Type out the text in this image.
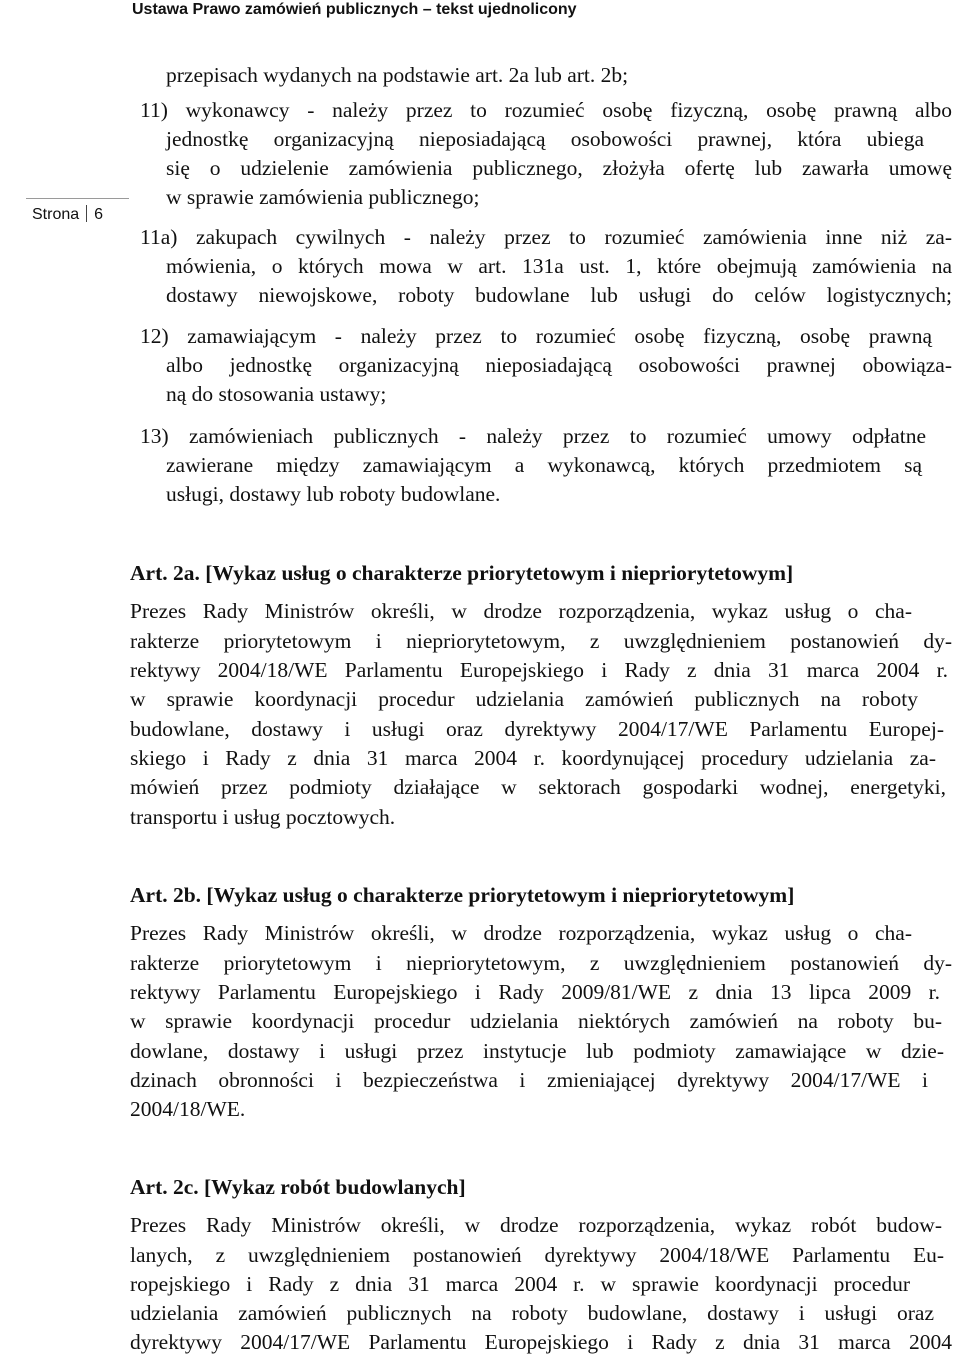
Ustawa Prawo zamówień publicznych – tekst ujednolicony
Strona 6
przepisach wydanych na podstawie art. 2a lub art. 2b;
11) wykonawcy - należy przez to rozumieć osobę fizyczną, osobę prawną albo
jednostkę organizacyjną nieposiadającą osobowości prawnej, która ubiega
się o udzielenie zamówienia publicznego, złożyła ofertę lub zawarła umowę
w sprawie zamówienia publicznego;
11a) zakupach cywilnych - należy przez to rozumieć zamówienia inne niż za-
mówienia, o których mowa w art. 131a ust. 1, które obejmują zamówienia na
dostawy niewojskowe, roboty budowlane lub usługi do celów logistycznych;
12) zamawiającym - należy przez to rozumieć osobę fizyczną, osobę prawną
albo jednostkę organizacyjną nieposiadającą osobowości prawnej obowiąza-
ną do stosowania ustawy;
13) zamówieniach publicznych - należy przez to rozumieć umowy odpłatne
zawierane między zamawiającym a wykonawcą, których przedmiotem są
usługi, dostawy lub roboty budowlane.
Art. 2a. [Wykaz usług o charakterze priorytetowym i niepriorytetowym]
Prezes Rady Ministrów określi, w drodze rozporządzenia, wykaz usług o cha-
rakterze priorytetowym i niepriorytetowym, z uwzględnieniem postanowień dy-
rektywy 2004/18/WE Parlamentu Europejskiego i Rady z dnia 31 marca 2004 r.
w sprawie koordynacji procedur udzielania zamówień publicznych na roboty
budowlane, dostawy i usługi oraz dyrektywy 2004/17/WE Parlamentu Europej-
skiego i Rady z dnia 31 marca 2004 r. koordynującej procedury udzielania za-
mówień przez podmioty działające w sektorach gospodarki wodnej, energetyki,
transportu i usług pocztowych.
Art. 2b. [Wykaz usług o charakterze priorytetowym i niepriorytetowym]
Prezes Rady Ministrów określi, w drodze rozporządzenia, wykaz usług o cha-
rakterze priorytetowym i niepriorytetowym, z uwzględnieniem postanowień dy-
rektywy Parlamentu Europejskiego i Rady 2009/81/WE z dnia 13 lipca 2009 r.
w sprawie koordynacji procedur udzielania niektórych zamówień na roboty bu-
dowlane, dostawy i usługi przez instytucje lub podmioty zamawiające w dzie-
dzinach obronności i bezpieczeństwa i zmieniającej dyrektywy 2004/17/WE i
2004/18/WE.
Art. 2c. [Wykaz robót budowlanych]
Prezes Rady Ministrów określi, w drodze rozporządzenia, wykaz robót budow-
lanych, z uwzględnieniem postanowień dyrektywy 2004/18/WE Parlamentu Eu-
ropejskiego i Rady z dnia 31 marca 2004 r. w sprawie koordynacji procedur
udzielania zamówień publicznych na roboty budowlane, dostawy i usługi oraz
dyrektywy 2004/17/WE Parlamentu Europejskiego i Rady z dnia 31 marca 2004
